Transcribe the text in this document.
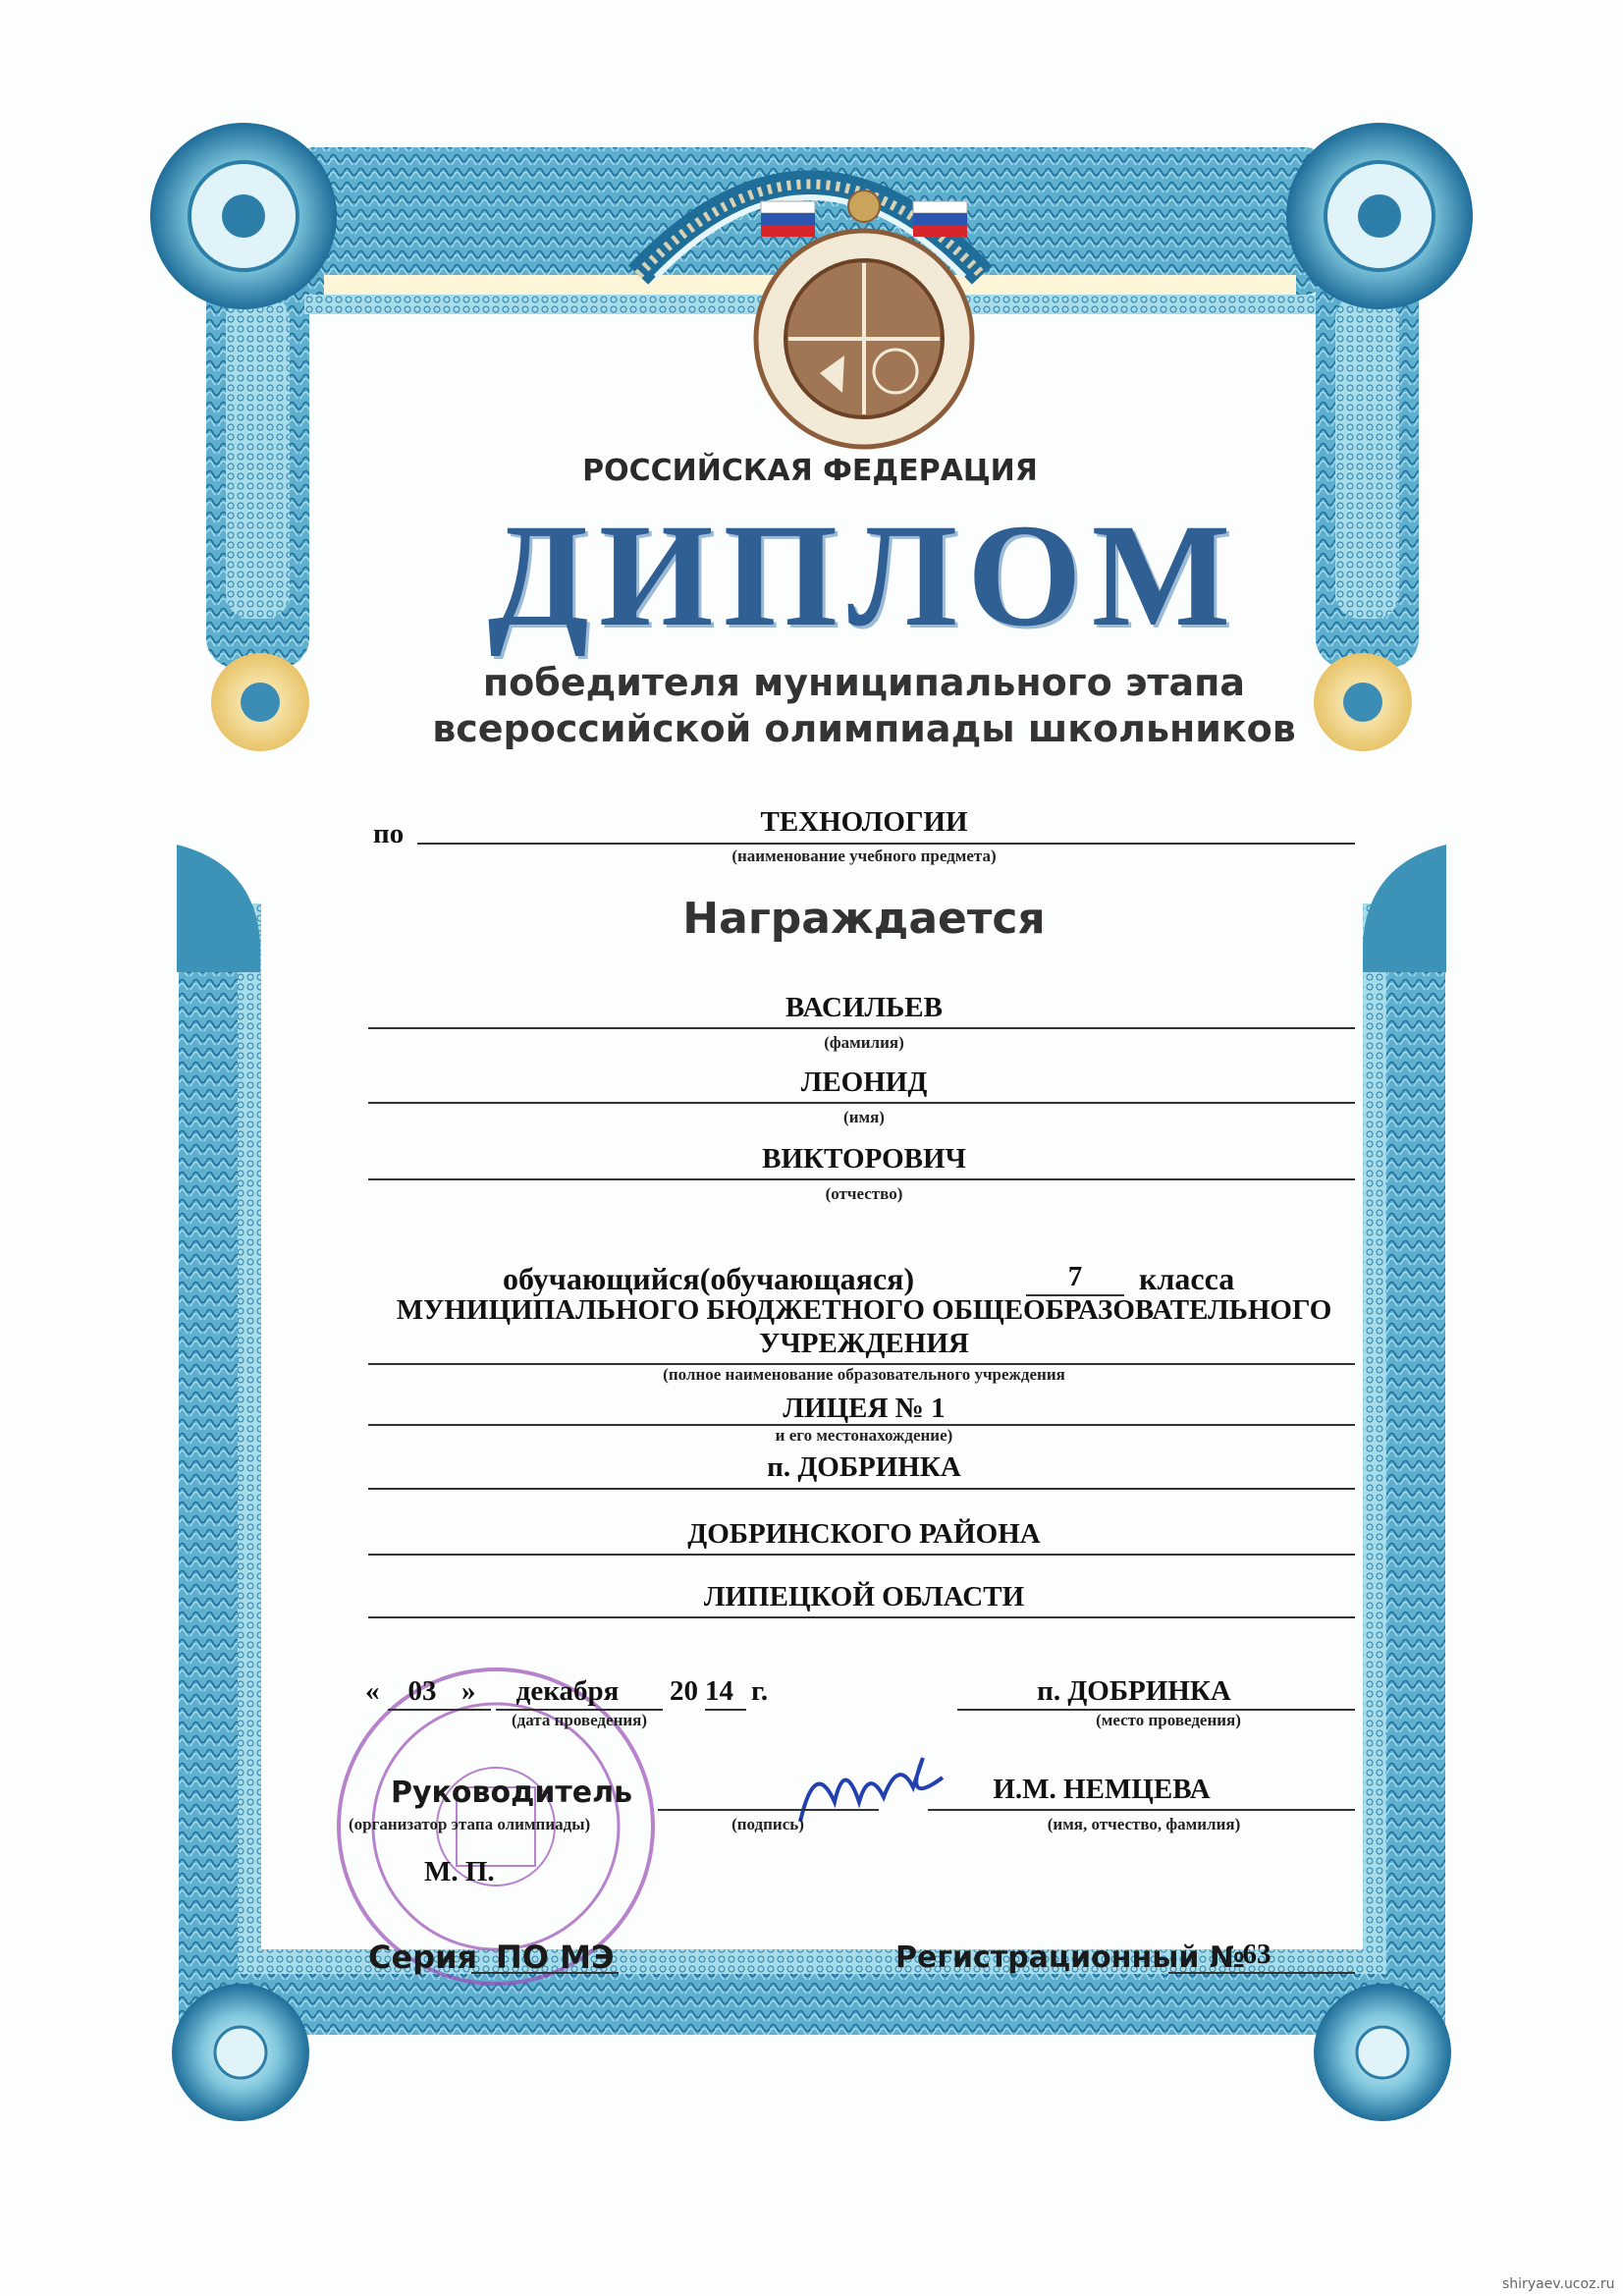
РОССИЙСКАЯ ФЕДЕРАЦИЯ
ДИПЛОМ
победителя муниципального этапа
всероссийской олимпиады школьников
по	ТЕХНОЛОГИИ
(наименование учебного предмета)
Награждается
ВАСИЛЬЕВ
(фамилия)
ЛЕОНИД
(имя)
ВИКТОРОВИЧ
(отчество)
обучающийся(обучающаяся)	7 класса
МУНИЦИПАЛЬНОГО БЮДЖЕТНОГО ОБЩЕОБРАЗОВАТЕЛЬНОГО
УЧРЕЖДЕНИЯ
(полное наименование образовательного учреждения
ЛИЦЕЯ № 1
и его местонахождение)
п. ДОБРИНКА
ДОБРИНСКОГО РАЙОНА
ЛИПЕЦКОЙ ОБЛАСТИ
« 03 » декабря 20 14 г.
(дата проведения)
п. ДОБРИНКА
(место проведения)
Руководитель
(организатор этапа олимпиады)	(подпись)
И.М. НЕМЦЕВА
(имя, отчество, фамилия)
М. П.
Серия ПО МЭ	Регистрационный №
63
shiryaev.ucoz.ru
